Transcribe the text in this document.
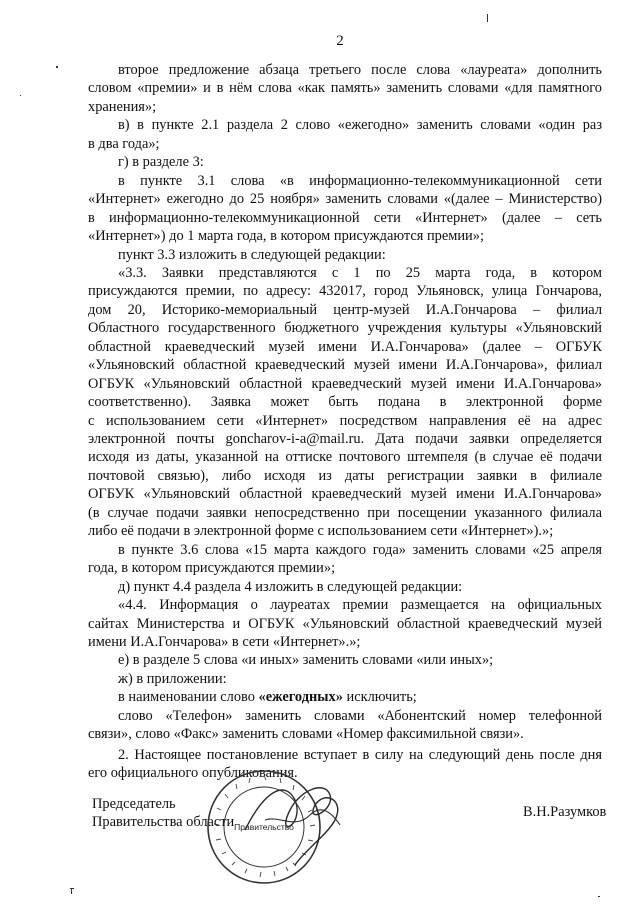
2
второе предложение абзаца третьего после слова «лауреата» дополнить
словом «премии» и в нём слова «как память» заменить словами «для памятного
хранения»;
в) в пункте 2.1 раздела 2 слово «ежегодно» заменить словами «один раз
в два года»;
г) в разделе 3:
в пункте 3.1 слова «в информационно-телекоммуникационной сети
«Интернет» ежегодно до 25 ноября» заменить словами «(далее – Министерство)
в информационно-телекоммуникационной сети «Интернет» (далее – сеть
«Интернет») до 1 марта года, в котором присуждаются премии»;
пункт 3.3 изложить в следующей редакции:
«3.3. Заявки представляются с 1 по 25 марта года, в котором
присуждаются премии, по адресу: 432017, город Ульяновск, улица Гончарова,
дом 20, Историко-мемориальный центр-музей И.А.Гончарова – филиал
Областного государственного бюджетного учреждения культуры «Ульяновский
областной краеведческий музей имени И.А.Гончарова» (далее – ОГБУК
«Ульяновский областной краеведческий музей имени И.А.Гончарова», филиал
ОГБУК «Ульяновский областной краеведческий музей имени И.А.Гончарова»
соответственно). Заявка может быть подана в электронной форме
с использованием сети «Интернет» посредством направления её на адрес
электронной почты goncharov-i-a@mail.ru. Дата подачи заявки определяется
исходя из даты, указанной на оттиске почтового штемпеля (в случае её подачи
почтовой связью), либо исходя из даты регистрации заявки в филиале
ОГБУК «Ульяновский областной краеведческий музей имени И.А.Гончарова»
(в случае подачи заявки непосредственно при посещении указанного филиала
либо её подачи в электронной форме с использованием сети «Интернет»).»;
в пункте 3.6 слова «15 марта каждого года» заменить словами «25 апреля
года, в котором присуждаются премии»;
д) пункт 4.4 раздела 4 изложить в следующей редакции:
«4.4. Информация о лауреатах премии размещается на официальных
сайтах Министерства и ОГБУК «Ульяновский областной краеведческий музей
имени И.А.Гончарова» в сети «Интернет».»;
е) в разделе 5 слова «и иных» заменить словами «или иных»;
ж) в приложении:
в наименовании слово «ежегодных» исключить;
слово «Телефон» заменить словами «Абонентский номер телефонной
связи», слово «Факс» заменить словами «Номер факсимильной связи».
2. Настоящее постановление вступает в силу на следующий день после дня
его официального опубликования.
Председатель
Правительства области
В.Н.Разумков
Правительство
